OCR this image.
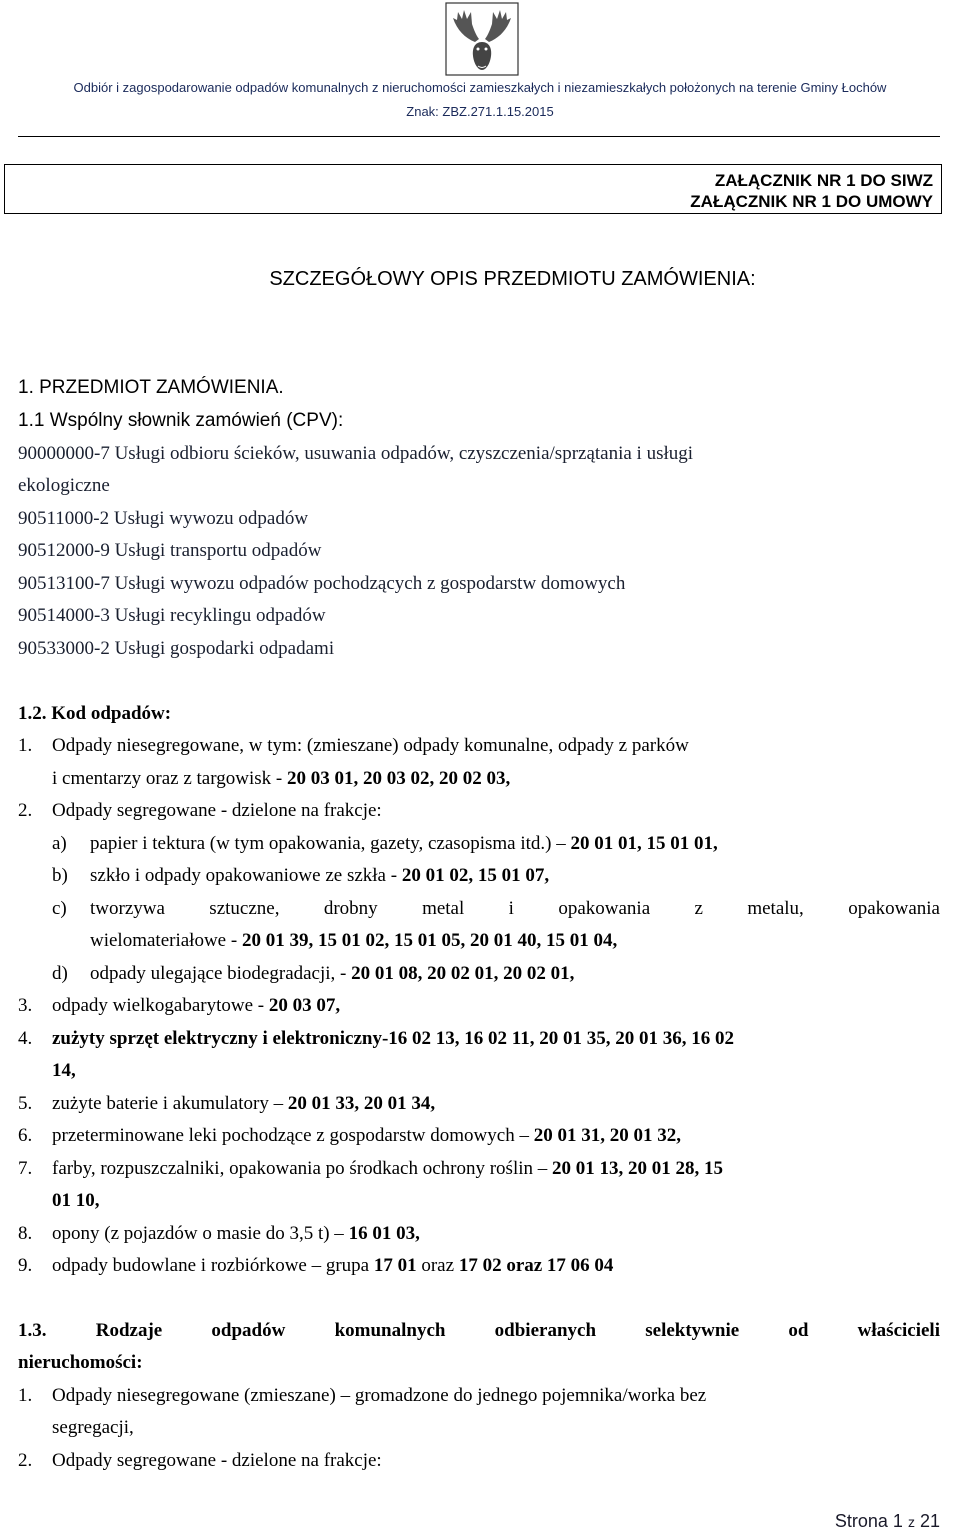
Odbiór i zagospodarowanie odpadów komunalnych z nieruchomości zamieszkałych i niezamieszkałych położonych na terenie Gminy Łochów
Znak: ZBZ.271.1.15.2015
ZAŁĄCZNIK NR 1 DO SIWZ
ZAŁĄCZNIK NR 1 DO UMOWY
SZCZEGÓŁOWY OPIS PRZEDMIOTU ZAMÓWIENIA:
1. PRZEDMIOT ZAMÓWIENIA.
1.1 Wspólny słownik zamówień (CPV):
90000000-7 Usługi odbioru ścieków, usuwania odpadów, czyszczenia/sprzątania i usługi
ekologiczne
90511000-2 Usługi wywozu odpadów
90512000-9 Usługi transportu odpadów
90513100-7 Usługi wywozu odpadów pochodzących z gospodarstw domowych
90514000-3 Usługi recyklingu odpadów
90533000-2 Usługi gospodarki odpadami
1.2. Kod odpadów:
1. Odpady niesegregowane, w tym: (zmieszane) odpady komunalne, odpady z parków
i cmentarzy oraz z targowisk - 20 03 01, 20 03 02, 20 02 03,
2. Odpady segregowane - dzielone na frakcje:
a) papier i tektura (w tym opakowania, gazety, czasopisma itd.) – 20 01 01, 15 01 01,
b) szkło i odpady opakowaniowe ze szkła - 20 01 02, 15 01 07,
c) tworzywa sztuczne, drobny metal i opakowania z metalu, opakowania
wielomateriałowe - 20 01 39, 15 01 02, 15 01 05, 20 01 40, 15 01 04,
d) odpady ulegające biodegradacji, - 20 01 08, 20 02 01, 20 02 01,
3. odpady wielkogabarytowe - 20 03 07,
4. zużyty sprzęt elektryczny i elektroniczny-16 02 13, 16 02 11, 20 01 35, 20 01 36, 16 02
14,
5. zużyte baterie i akumulatory – 20 01 33, 20 01 34,
6. przeterminowane leki pochodzące z gospodarstw domowych – 20 01 31, 20 01 32,
7. farby, rozpuszczalniki, opakowania po środkach ochrony roślin – 20 01 13, 20 01 28, 15
01 10,
8. opony (z pojazdów o masie do 3,5 t) – 16 01 03,
9. odpady budowlane i rozbiórkowe – grupa 17 01 oraz 17 02 oraz 17 06 04
1.3. Rodzaje odpadów komunalnych odbieranych selektywnie od właścicieli
nieruchomości:
1. Odpady niesegregowane (zmieszane) – gromadzone do jednego pojemnika/worka bez
segregacji,
2. Odpady segregowane - dzielone na frakcje:
Strona 1 z 21
